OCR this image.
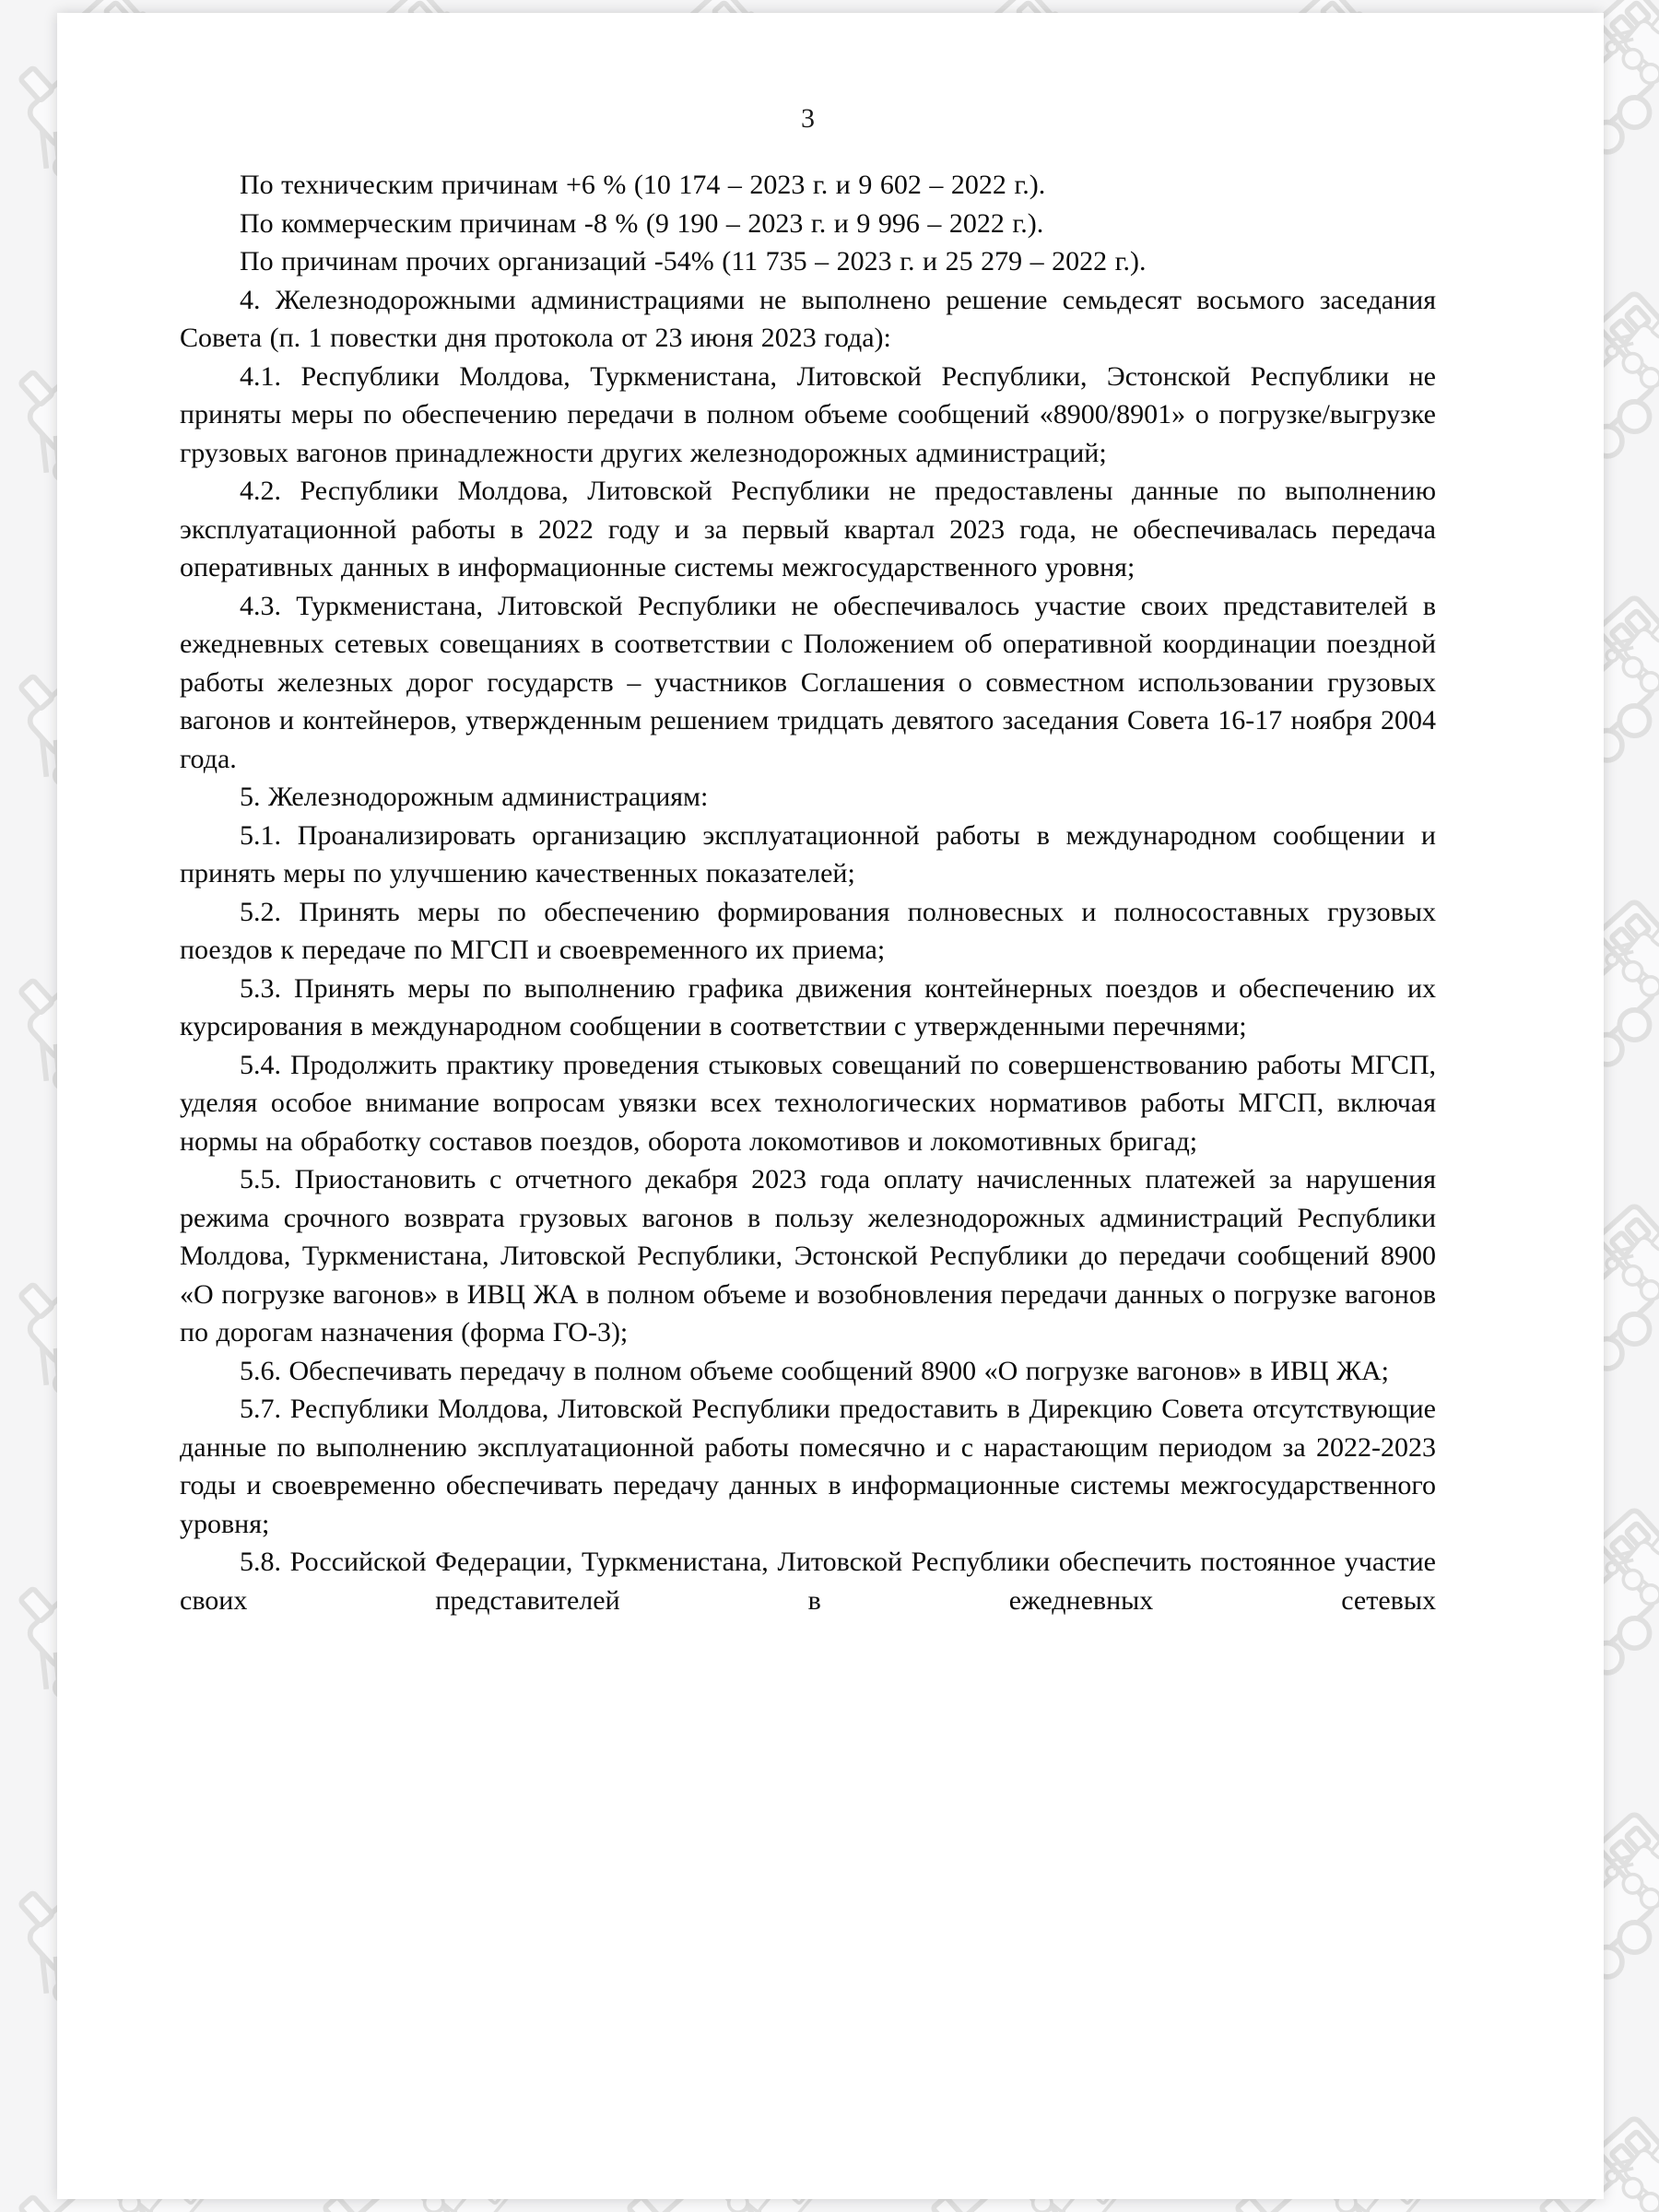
3

По техническим причинам +6 % (10 174 – 2023 г. и 9 602 – 2022 г.).

По коммерческим причинам -8 % (9 190 – 2023 г. и 9 996 – 2022 г.).

По причинам прочих организаций -54% (11 735 – 2023 г. и 25 279 – 2022 г.).

4. Железнодорожными администрациями не выполнено решение семьдесят восьмого заседания Совета (п. 1 повестки дня протокола от 23 июня 2023 года):

4.1. Республики Молдова, Туркменистана, Литовской Республики, Эстонской Республики не приняты меры по обеспечению передачи в полном объеме сообщений «8900/8901» о погрузке/выгрузке грузовых вагонов принадлежности других железнодорожных администраций;

4.2. Республики Молдова, Литовской Республики не предоставлены данные по выполнению эксплуатационной работы в 2022 году и за первый квартал 2023 года, не обеспечивалась передача оперативных данных в информационные системы межгосударственного уровня;

4.3. Туркменистана, Литовской Республики не обеспечивалось участие своих представителей в ежедневных сетевых совещаниях в соответствии с Положением об оперативной координации поездной работы железных дорог государств – участников Соглашения о совместном использовании грузовых вагонов и контейнеров, утвержденным решением тридцать девятого заседания Совета 16-17 ноября 2004 года.

5. Железнодорожным администрациям:

5.1. Проанализировать организацию эксплуатационной работы в международном сообщении и принять меры по улучшению качественных показателей;

5.2. Принять меры по обеспечению формирования полновесных и полносоставных грузовых поездов к передаче по МГСП и своевременного их приема;

5.3. Принять меры по выполнению графика движения контейнерных поездов и обеспечению их курсирования в международном сообщении в соответствии с утвержденными перечнями;

5.4. Продолжить практику проведения стыковых совещаний по совершенствованию работы МГСП, уделяя особое внимание вопросам увязки всех технологических нормативов работы МГСП, включая нормы на обработку составов поездов, оборота локомотивов и локомотивных бригад;

5.5. Приостановить с отчетного декабря 2023 года оплату начисленных платежей за нарушения режима срочного возврата грузовых вагонов в пользу железнодорожных администраций Республики Молдова, Туркменистана, Литовской Республики, Эстонской Республики до передачи сообщений 8900 «О погрузке вагонов» в ИВЦ ЖА в полном объеме и возобновления передачи данных о погрузке вагонов по дорогам назначения (форма ГО-3);

5.6. Обеспечивать передачу в полном объеме сообщений 8900 «О погрузке вагонов» в ИВЦ ЖА;

5.7. Республики Молдова, Литовской Республики предоставить в Дирекцию Совета отсутствующие данные по выполнению эксплуатационной работы помесячно и с нарастающим периодом за 2022-2023 годы и своевременно обеспечивать передачу данных в информационные системы межгосударственного уровня;

5.8. Российской Федерации, Туркменистана, Литовской Республики обеспечить постоянное участие своих представителей в ежедневных сетевых
